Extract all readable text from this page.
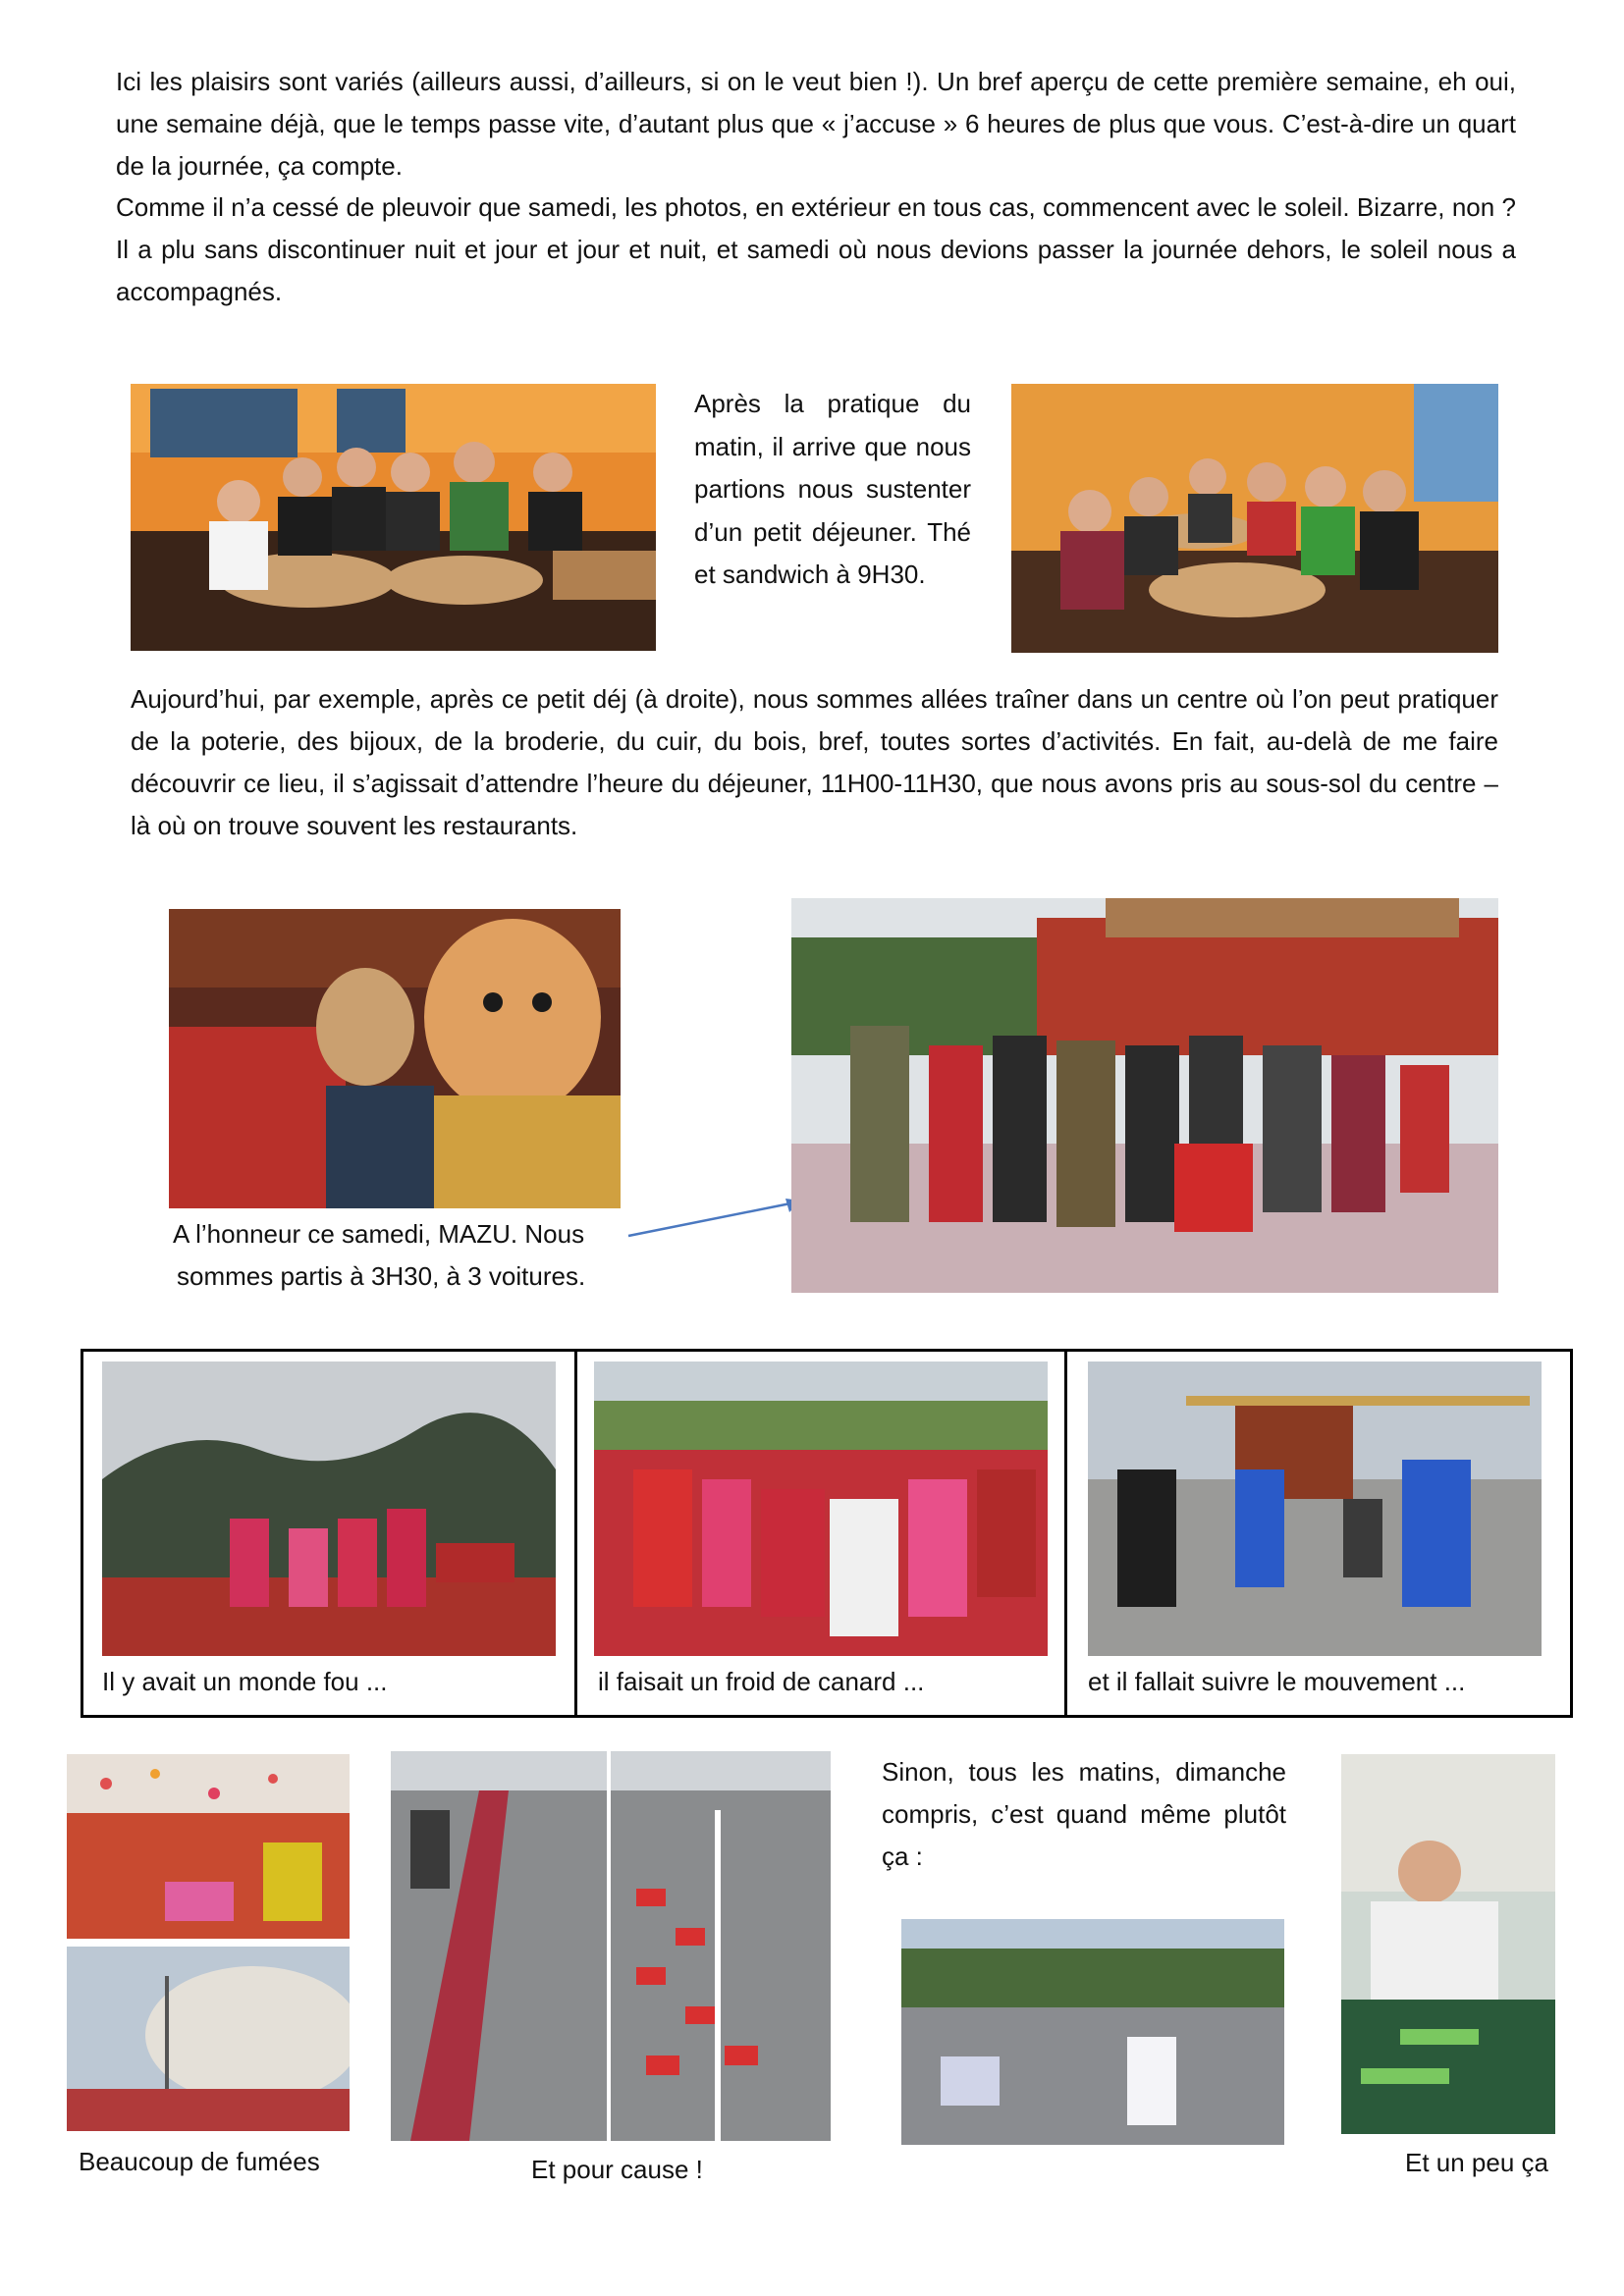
Ici les plaisirs sont variés (ailleurs aussi, d’ailleurs, si on le veut bien !). Un bref aperçu de cette première semaine, eh oui, une semaine déjà, que le temps passe vite, d’autant plus que « j’accuse » 6 heures de plus que vous. C’est-à-dire un quart de la journée, ça compte.

Comme il n’a cessé de pleuvoir que samedi, les photos, en extérieur en tous cas, commencent avec le soleil. Bizarre, non ? Il a plu sans discontinuer nuit et jour et jour et nuit, et samedi où nous devions passer la journée dehors, le soleil nous a accompagnés.

Après la pratique du matin, il arrive que nous partions nous sustenter d’un petit déjeuner. Thé et sandwich à 9H30.

Aujourd’hui, par exemple, après ce petit déj (à droite), nous sommes allées traîner dans un centre où l’on peut pratiquer de la poterie, des bijoux, de la broderie, du cuir, du bois, bref, toutes sortes d’activités. En fait, au-delà de me faire découvrir ce lieu, il s’agissait d’attendre l’heure du déjeuner, 11H00-11H30, que nous avons pris au sous-sol du centre –là où on trouve souvent les restaurants.

A l’honneur ce samedi, MAZU. Nous

sommes partis à 3H30, à 3 voitures.

Il y avait un monde fou ...	il faisait un froid de canard ...	et il fallait suivre le mouvement ...

Beaucoup de fumées	Et pour cause !

Sinon, tous les matins, dimanche compris, c’est quand même plutôt ça :

Et un peu ça
